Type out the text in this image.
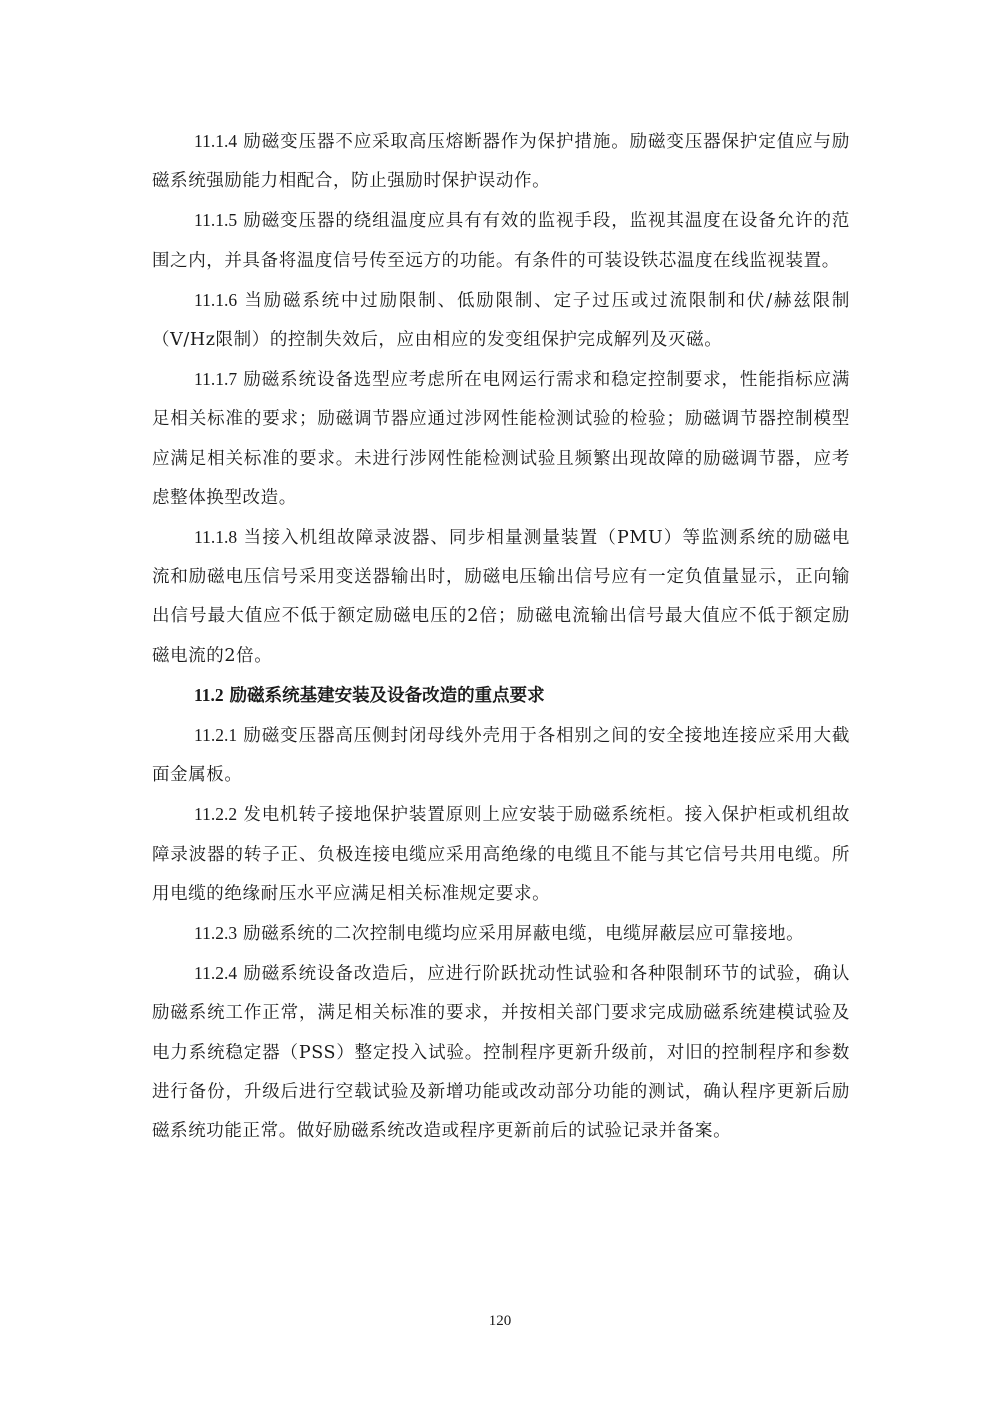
11.1.4 励磁变压器不应采取高压熔断器作为保护措施。励磁变压器保护定值应与励磁系统强励能力相配合，防止强励时保护误动作。

11.1.5 励磁变压器的绕组温度应具有有效的监视手段，监视其温度在设备允许的范围之内，并具备将温度信号传至远方的功能。有条件的可装设铁芯温度在线监视装置。

11.1.6 当励磁系统中过励限制、低励限制、定子过压或过流限制和伏/赫兹限制（V/Hz限制）的控制失效后，应由相应的发变组保护完成解列及灭磁。

11.1.7 励磁系统设备选型应考虑所在电网运行需求和稳定控制要求，性能指标应满足相关标准的要求；励磁调节器应通过涉网性能检测试验的检验；励磁调节器控制模型应满足相关标准的要求。未进行涉网性能检测试验且频繁出现故障的励磁调节器，应考虑整体换型改造。

11.1.8 当接入机组故障录波器、同步相量测量装置（PMU）等监测系统的励磁电流和励磁电压信号采用变送器输出时，励磁电压输出信号应有一定负值量显示，正向输出信号最大值应不低于额定励磁电压的2倍；励磁电流输出信号最大值应不低于额定励磁电流的2倍。

11.2 励磁系统基建安装及设备改造的重点要求

11.2.1 励磁变压器高压侧封闭母线外壳用于各相别之间的安全接地连接应采用大截面金属板。

11.2.2 发电机转子接地保护装置原则上应安装于励磁系统柜。接入保护柜或机组故障录波器的转子正、负极连接电缆应采用高绝缘的电缆且不能与其它信号共用电缆。所用电缆的绝缘耐压水平应满足相关标准规定要求。

11.2.3 励磁系统的二次控制电缆均应采用屏蔽电缆，电缆屏蔽层应可靠接地。

11.2.4 励磁系统设备改造后，应进行阶跃扰动性试验和各种限制环节的试验，确认励磁系统工作正常，满足相关标准的要求，并按相关部门要求完成励磁系统建模试验及电力系统稳定器（PSS）整定投入试验。控制程序更新升级前，对旧的控制程序和参数进行备份，升级后进行空载试验及新增功能或改动部分功能的测试，确认程序更新后励磁系统功能正常。做好励磁系统改造或程序更新前后的试验记录并备案。

120
